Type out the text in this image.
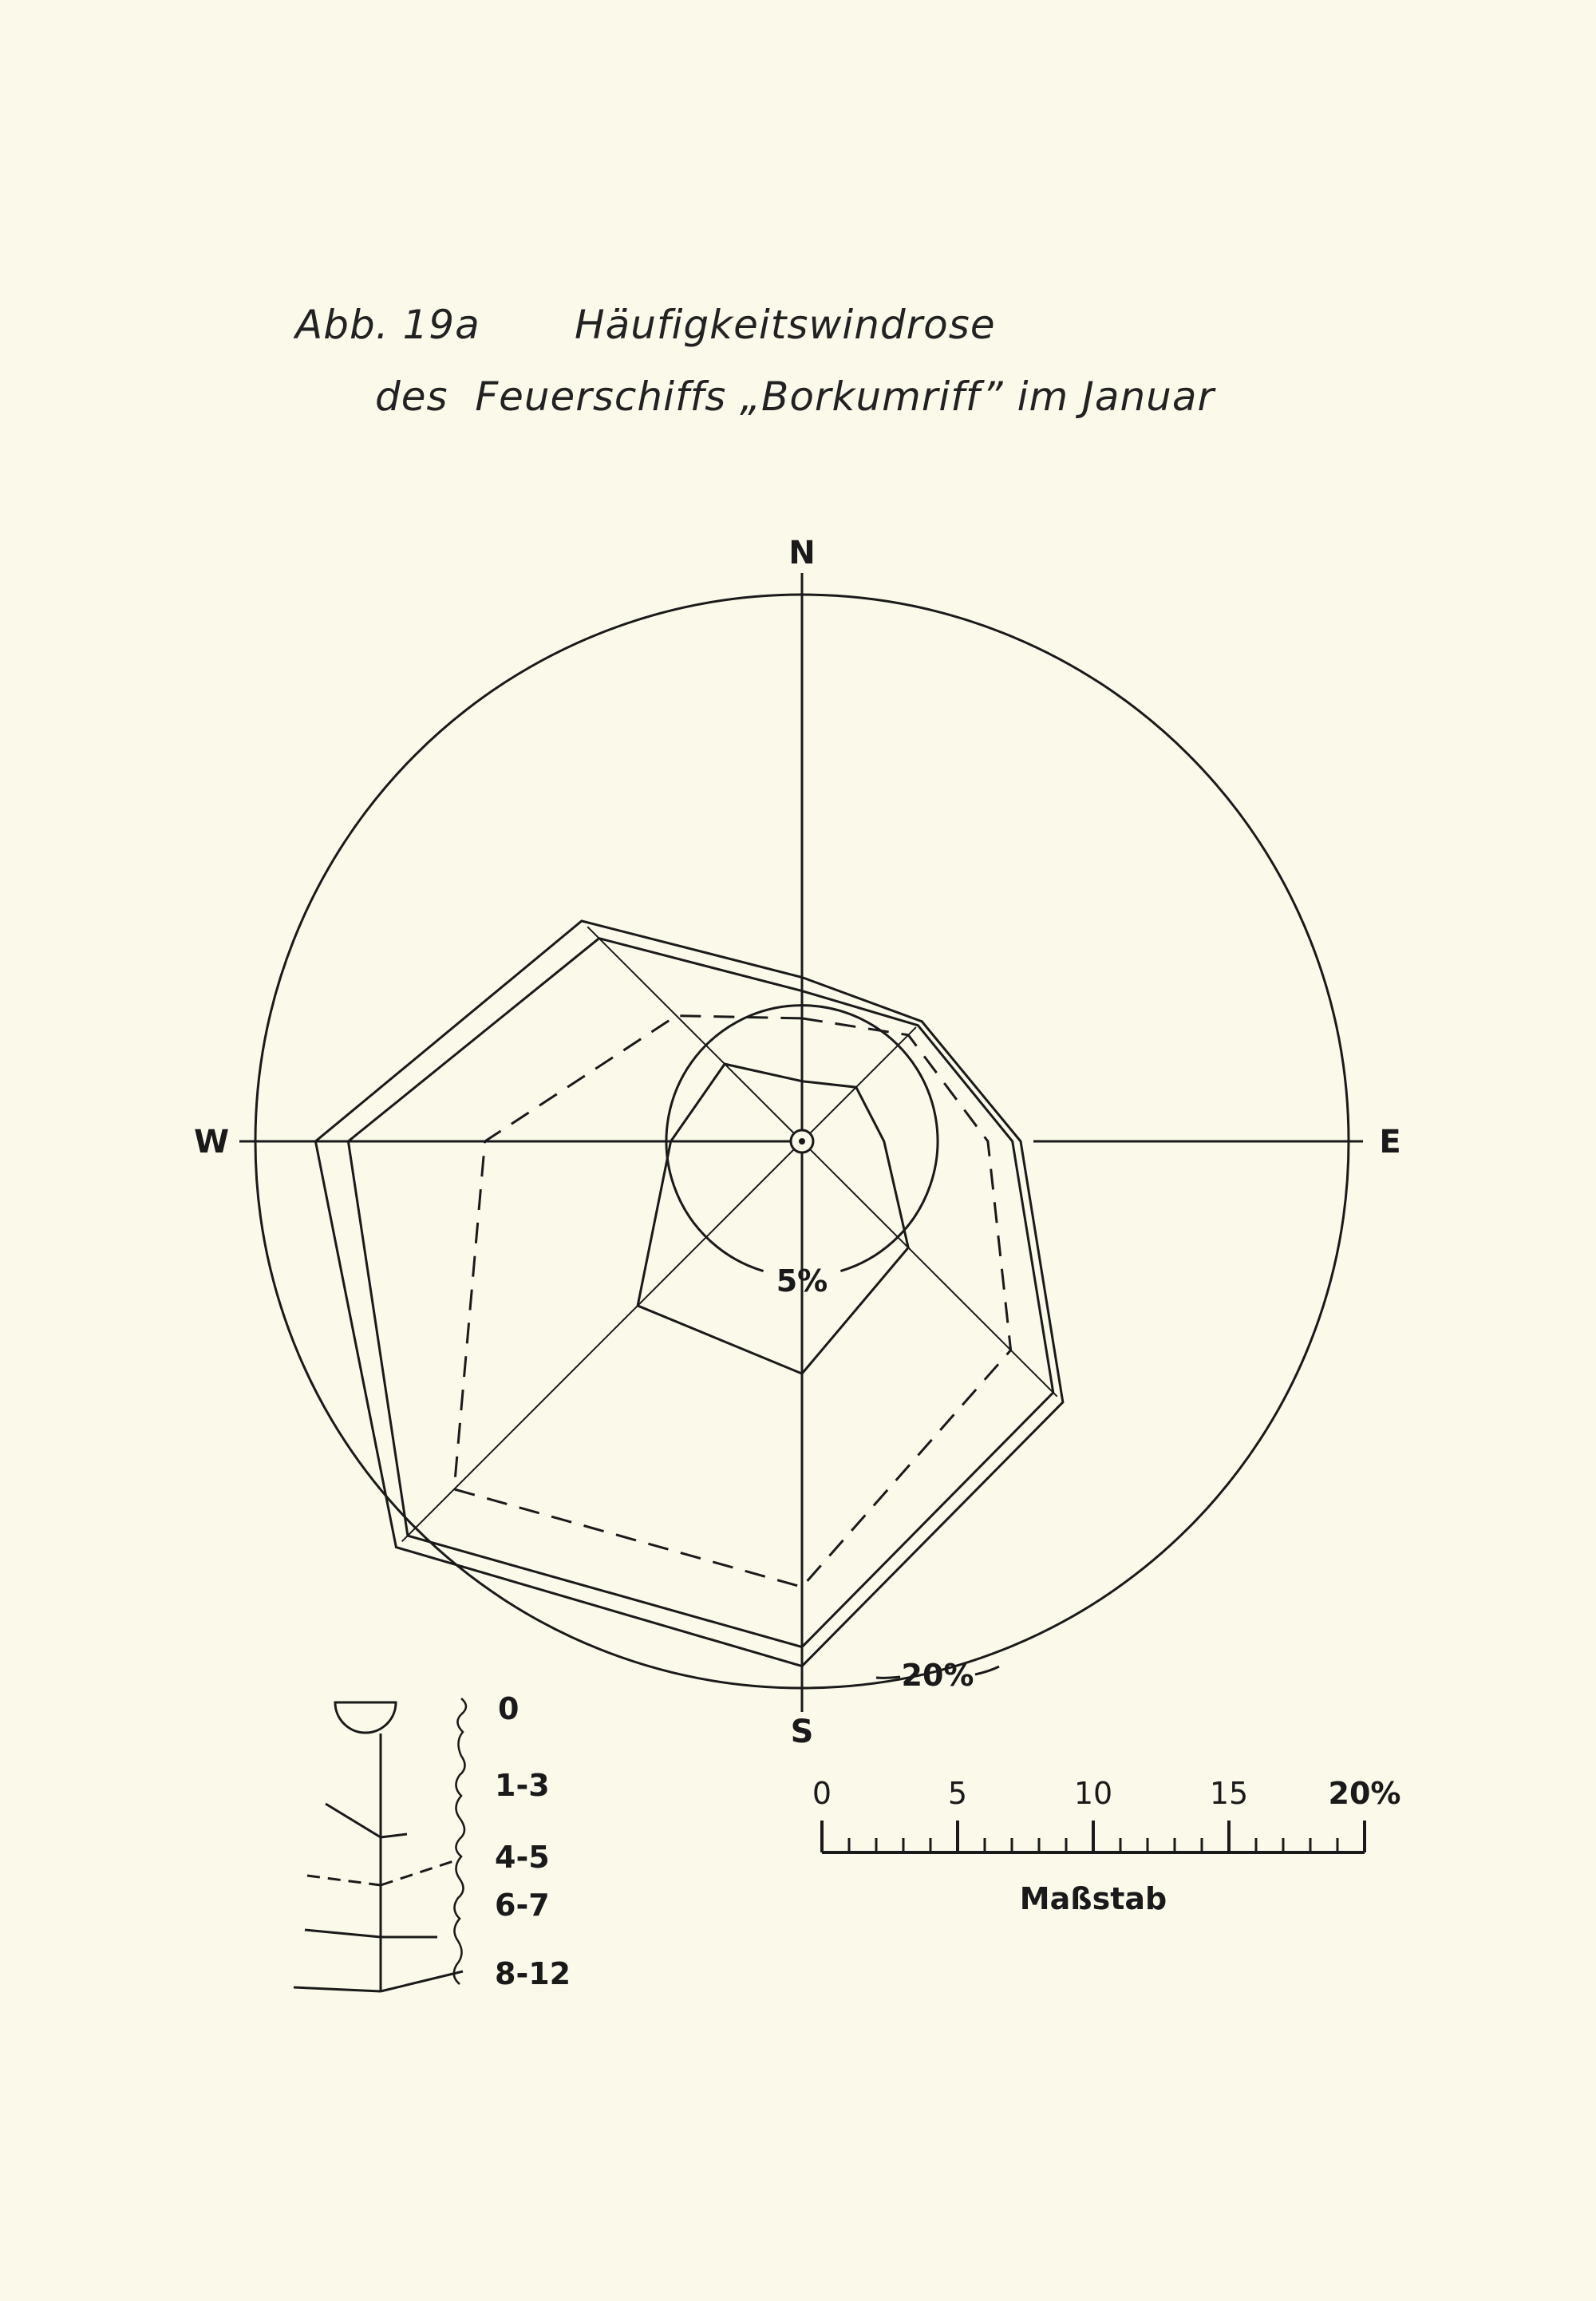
Abb. 19a       Häufigkeitswindrose
des  Feuerschiffs „Borkumriff” im Januar
N
E
S
W
5%
20%
0	5	10	15	20%
Maßstab
0
1-3
4-5
6-7
8-12
